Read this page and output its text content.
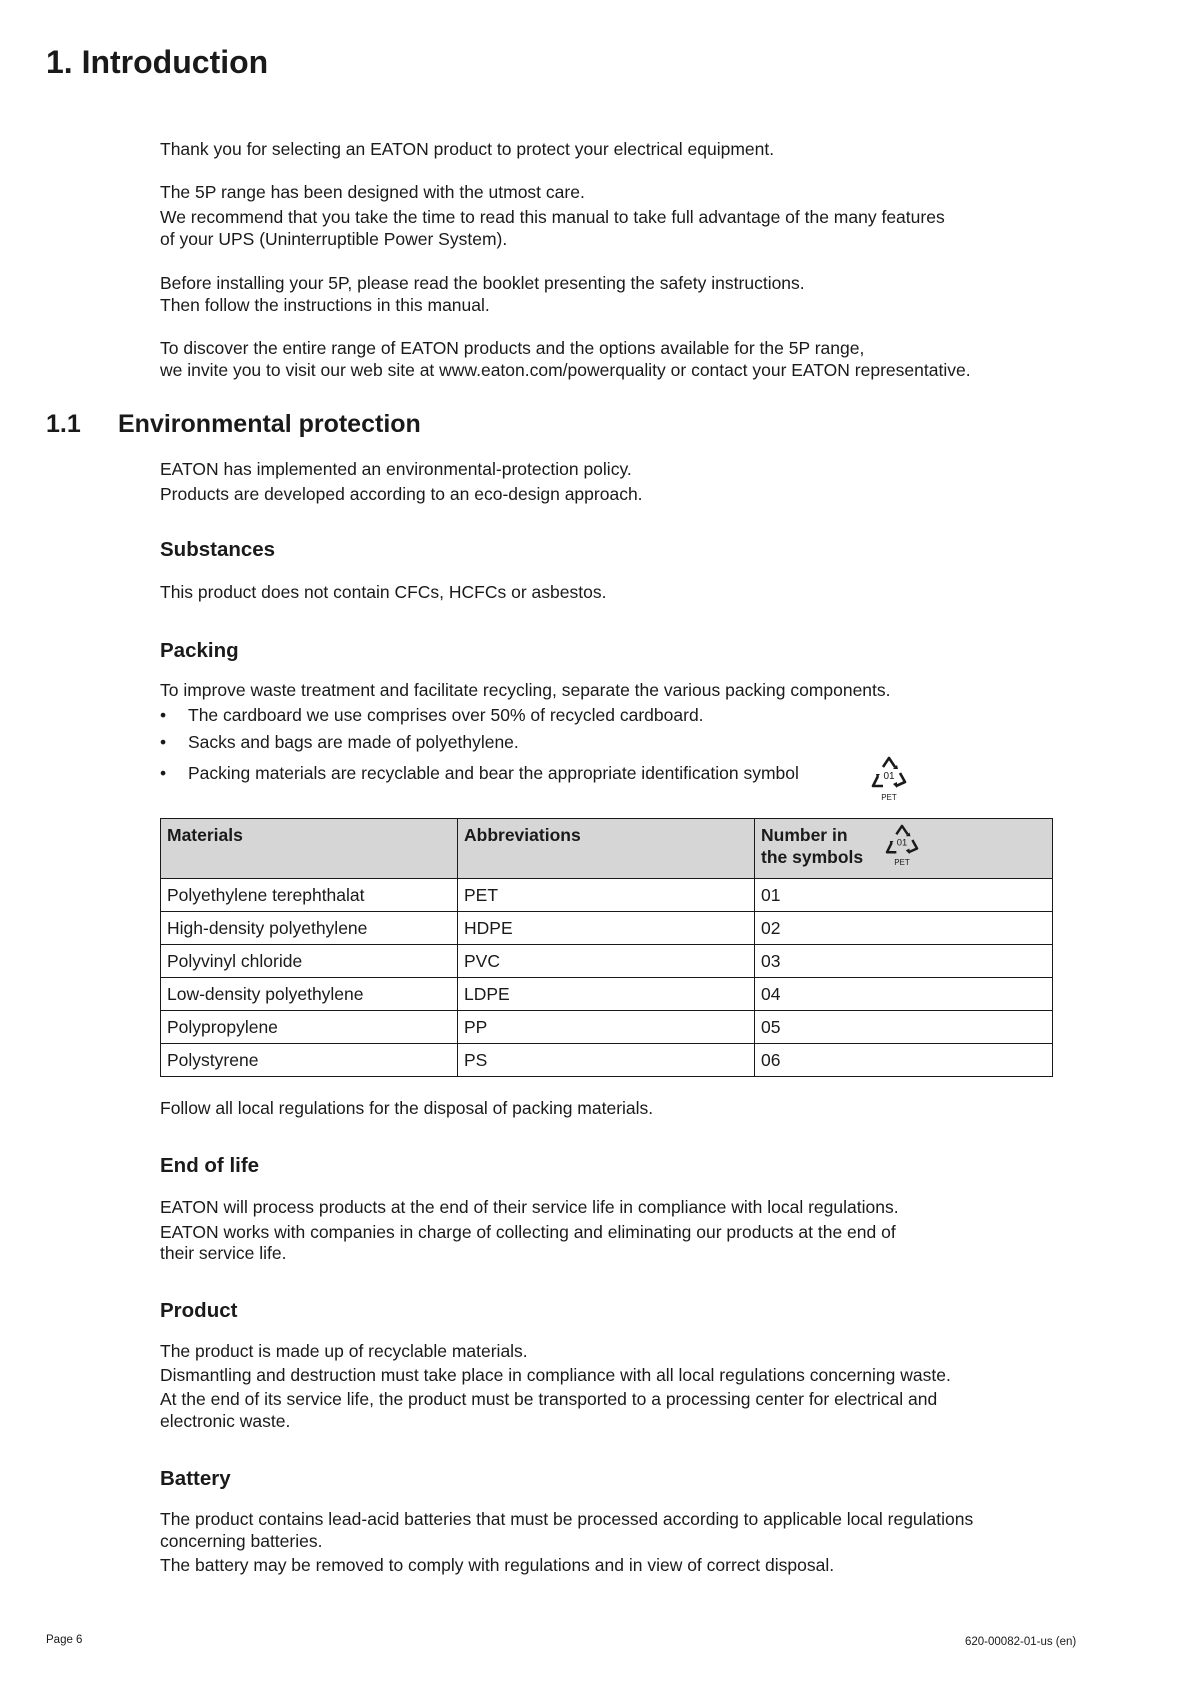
1. Introduction
Thank you for selecting an EATON product to protect your electrical equipment.
The 5P range has been designed with the utmost care.
We recommend that you take the time to read this manual to take full advantage of the many features
of your UPS (Uninterruptible Power System).
Before installing your 5P, please read the booklet presenting the safety instructions.
Then follow the instructions in this manual.
To discover the entire range of EATON products and the options available for the 5P range,
we invite you to visit our web site at www.eaton.com/powerquality or contact your EATON representative.
1.1 Environmental protection
EATON has implemented an environmental-protection policy.
Products are developed according to an eco-design approach.
Substances
This product does not contain CFCs, HCFCs or asbestos.
Packing
To improve waste treatment and facilitate recycling, separate the various packing components.
• The cardboard we use comprises over 50% of recycled cardboard.
• Sacks and bags are made of polyethylene.
• Packing materials are recyclable and bear the appropriate identification symbol	01
PET
Materials	Abbreviations	Number in
the symbols
01
PET

Polyethylene terephthalat	PET	01
High-density polyethylene	HDPE	02
Polyvinyl chloride	PVC	03
Low-density polyethylene	LDPE	04
Polypropylene	PP	05
Polystyrene	PS	06
Follow all local regulations for the disposal of packing materials.
End of life
EATON will process products at the end of their service life in compliance with local regulations.
EATON works with companies in charge of collecting and eliminating our products at the end of
their service life.
Product
The product is made up of recyclable materials.
Dismantling and destruction must take place in compliance with all local regulations concerning waste.
At the end of its service life, the product must be transported to a processing center for electrical and
electronic waste.
Battery
The product contains lead-acid batteries that must be processed according to applicable local regulations
concerning batteries.
The battery may be removed to comply with regulations and in view of correct disposal.
Page 6	620-00082-01-us (en)
